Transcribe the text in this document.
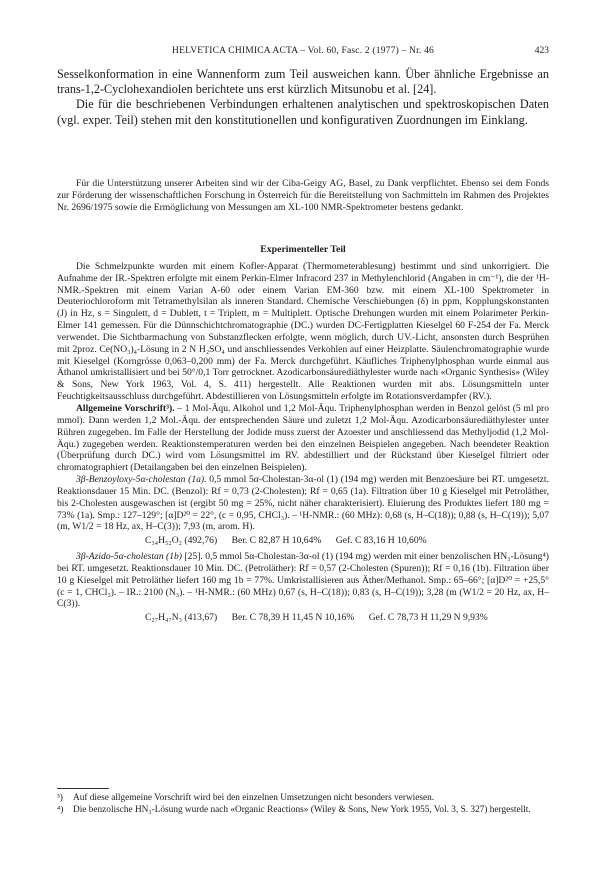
HELVETICA CHIMICA ACTA – Vol. 60, Fasc. 2 (1977) – Nr. 46	423

Sesselkonformation in eine Wannenform zum Teil ausweichen kann. Über ähnliche Ergebnisse an trans-1,2-Cyclohexandiolen berichtete uns erst kürzlich Mitsunobu et al. [24].

Die für die beschriebenen Verbindungen erhaltenen analytischen und spektroskopischen Daten (vgl. exper. Teil) stehen mit den konstitutionellen und konfigurativen Zuordnungen im Einklang.

Für die Unterstützung unserer Arbeiten sind wir der Ciba-Geigy AG, Basel, zu Dank verpflichtet. Ebenso sei dem Fonds zur Förderung der wissenschaftlichen Forschung in Österreich für die Bereitstellung von Sachmitteln im Rahmen des Projektes Nr. 2696/1975 sowie die Ermöglichung von Messungen am XL-100 NMR-Spektrometer bestens gedankt.

Experimenteller Teil

Die Schmelzpunkte wurden mit einem Kofler-Apparat (Thermometerablesung) bestimmt und sind unkorrigiert. Die Aufnahme der IR.-Spektren erfolgte mit einem Perkin-Elmer Infracord 237 in Methylenchlorid (Angaben in cm⁻¹), die der ¹H-NMR.-Spektren mit einem Varian A-60 oder einem Varian EM-360 bzw. mit einem XL-100 Spektrometer in Deuteriochloroform mit Tetramethylsilan als inneren Standard. Chemische Verschiebungen (δ) in ppm, Kopplungskonstanten (J) in Hz, s = Singulett, d = Dublett, t = Triplett, m = Multiplett. Optische Drehungen wurden mit einem Polarimeter Perkin-Elmer 141 gemessen. Für die Dünnschichtchromatographie (DC.) wurden DC-Fertigplatten Kieselgel 60 F-254 der Fa. Merck verwendet. Die Sichtbarmachung von Substanzflecken erfolgte, wenn möglich, durch UV.-Licht, ansonsten durch Besprühen mit 2proz. Ce(NO₃)₄-Lösung in 2 N H₂SO₄ und anschliessendes Verkohlen auf einer Heizplatte. Säulenchromatographie wurde mit Kieselgel (Korngrösse 0,063–0,200 mm) der Fa. Merck durchgeführt. Käufliches Triphenylphosphan wurde einmal aus Äthanol umkristallisiert und bei 50°/0,1 Torr getrocknet. Azodicarbonsäurediäthylester wurde nach «Organic Synthesis» (Wiley & Sons, New York 1963, Vol. 4, S. 411) hergestellt. Alle Reaktionen wurden mit abs. Lösungsmitteln unter Feuchtigkeitsausschluss durchgeführt. Abdestillieren von Lösungsmitteln erfolgte im Rotationsverdampfer (RV.).

Allgemeine Vorschrift³). – 1 Mol-Äqu. Alkohol und 1,2 Mol-Äqu. Triphenylphosphan werden in Benzol gelöst (5 ml pro mmol). Dann werden 1,2 Mol.-Äqu. der entsprechenden Säure und zuletzt 1,2 Mol-Äqu. Azodicarbonsäurediäthylester unter Rühren zugegeben. Im Falle der Herstellung der Jodide muss zuerst der Azoester und anschliessend das Methyljodid (1,2 Mol-Äqu.) zugegeben werden. Reaktionstemperaturen werden bei den einzelnen Beispielen angegeben. Nach beendeter Reaktion (Überprüfung durch DC.) wird vom Lösungsmittel im RV. abdestilliert und der Rückstand über Kieselgel filtriert oder chromatographiert (Detailangaben bei den einzelnen Beispielen).

3β-Benzoyloxy-5α-cholestan (1a). 0,5 mmol 5α-Cholestan-3α-ol (1) (194 mg) werden mit Benzoesäure bei RT. umgesetzt. Reaktionsdauer 15 Min. DC. (Benzol): Rf = 0,73 (2-Cholesten); Rf = 0,65 (1a). Filtration über 10 g Kieselgel mit Petroläther, bis 2-Cholesten ausgewaschen ist (ergibt 50 mg = 25%, nicht näher charakterisiert). Eluierung des Produktes liefert 180 mg = 73% (1a). Smp.: 127–129°; [α]D²⁰ = 22°, (c = 0,95, CHCl₃). – ¹H-NMR.: (60 MHz): 0,68 (s, H–C(18)); 0,88 (s, H–C(19)); 5,07 (m, W1/2 = 18 Hz, ax, H–C(3)); 7,93 (m, arom. H).

C₃₄H₅₂O₂ (492,76) Ber. C 82,87 H 10,64% Gef. C 83,16 H 10,60%

3β-Azido-5α-cholestan (1b) [25]. 0,5 mmol 5α-Cholestan-3α-ol (1) (194 mg) werden mit einer benzolischen HN₃-Lösung⁴) bei RT. umgesetzt. Reaktionsdauer 10 Min. DC. (Petroläther): Rf = 0,57 (2-Cholesten (Spuren)); Rf = 0,16 (1b). Filtration über 10 g Kieselgel mit Petroläther liefert 160 mg 1b = 77%. Umkristallisieren aus Äther/Methanol. Smp.: 65–66°; [α]D²⁰ = +25,5° (c = 1, CHCl₃). – IR.: 2100 (N₃). – ¹H-NMR.: (60 MHz) 0,67 (s, H–C(18)); 0,83 (s, H–C(19)); 3,28 (m (W1/2 = 20 Hz, ax, H–C(3)).

C₂₇H₄₇N₃ (413,67) Ber. C 78,39 H 11,45 N 10,16% Gef. C 78,73 H 11,29 N 9,93%

³)	Auf diese allgemeine Vorschrift wird bei den einzelnen Umsetzungen nicht besonders verwiesen.
⁴)	Die benzolische HN₃-Lösung wurde nach «Organic Reactions» (Wiley & Sons, New York 1955, Vol. 3, S. 327) hergestellt.
